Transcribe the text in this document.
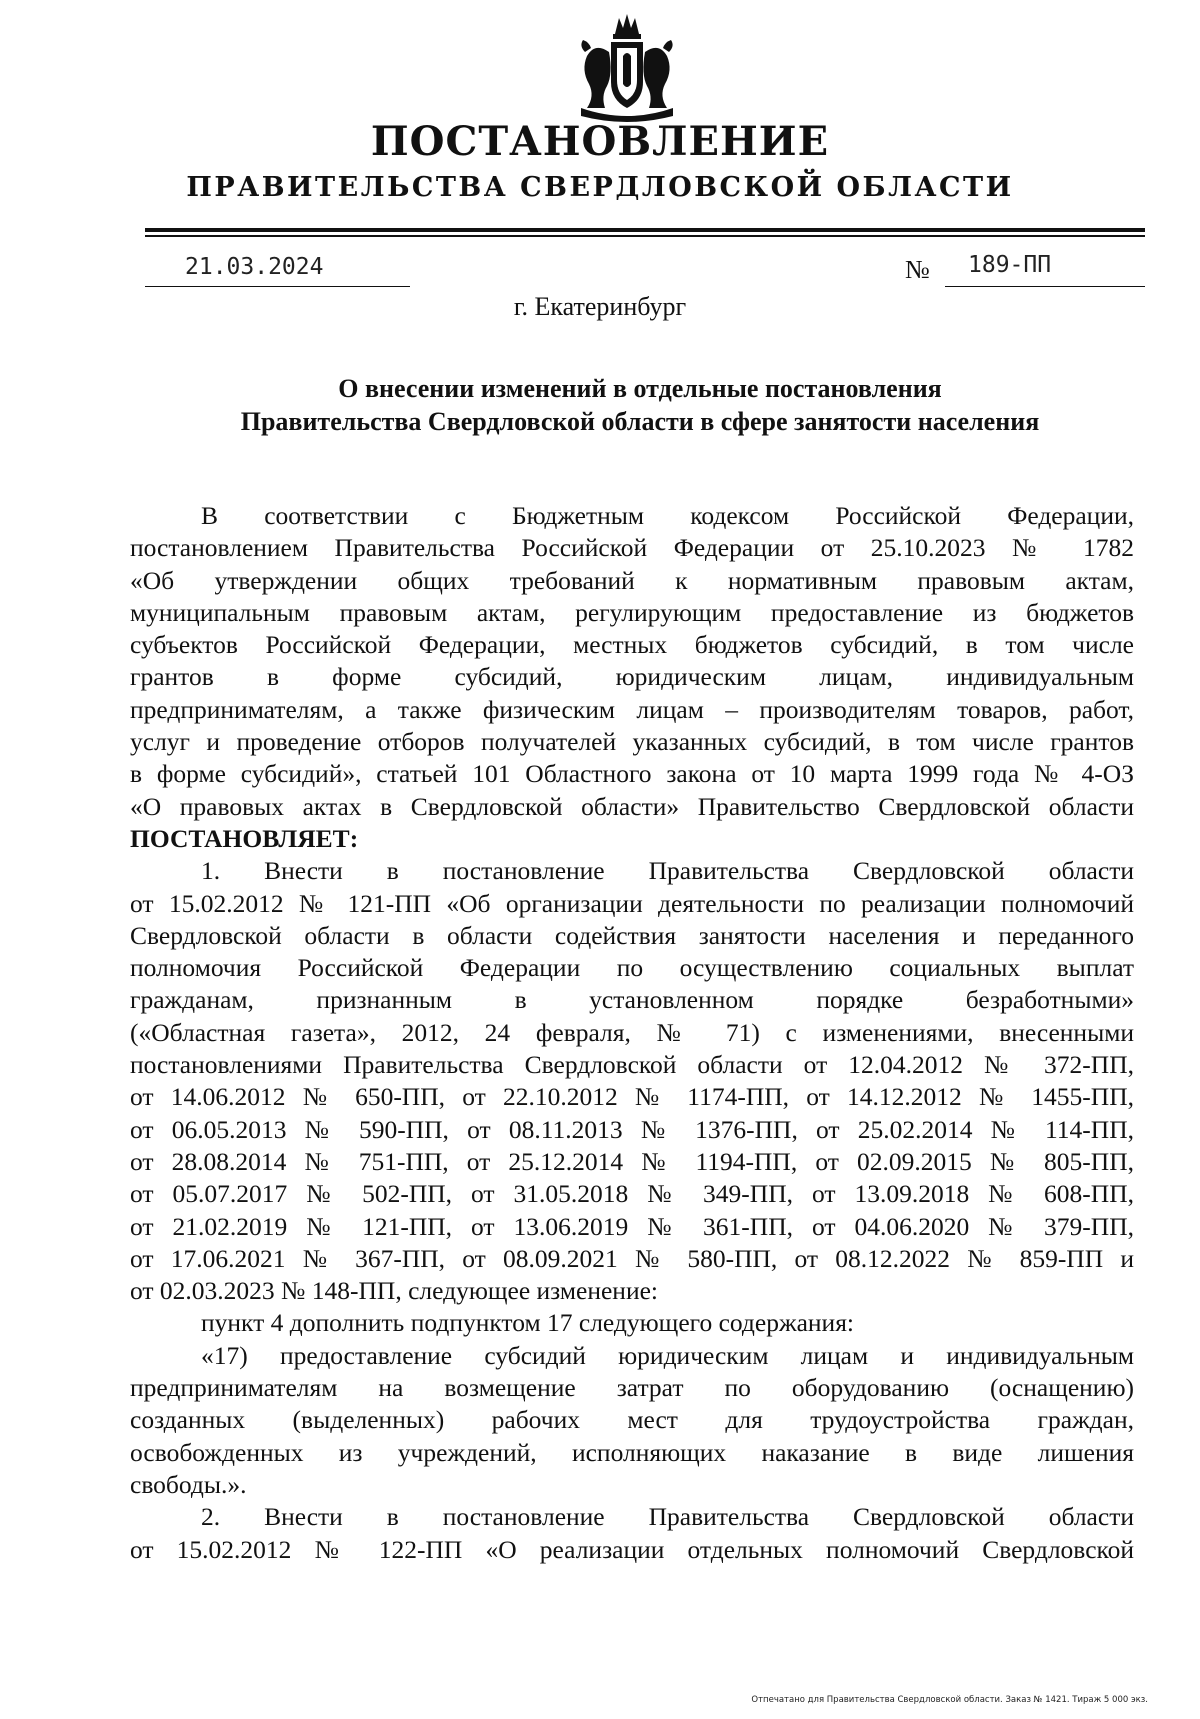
ПОСТАНОВЛЕНИЕ
ПРАВИТЕЛЬСТВА СВЕРДЛОВСКОЙ ОБЛАСТИ
21.03.2024	№ 189-ПП
г. Екатеринбург
О внесении изменений в отдельные постановления
Правительства Свердловской области в сфере занятости населения

В соответствии с Бюджетным кодексом Российской Федерации,

постановлением Правительства Российской Федерации от 25.10.2023 № 1782

«Об утверждении общих требований к нормативным правовым актам,

муниципальным правовым актам, регулирующим предоставление из бюджетов

субъектов Российской Федерации, местных бюджетов субсидий, в том числе

грантов в форме субсидий, юридическим лицам, индивидуальным

предпринимателям, а также физическим лицам – производителям товаров, работ,

услуг и проведение отборов получателей указанных субсидий, в том числе грантов

в форме субсидий», статьей 101 Областного закона от 10 марта 1999 года № 4-ОЗ

«О правовых актах в Свердловской области» Правительство Свердловской области

ПОСТАНОВЛЯЕТ:

1. Внести в постановление Правительства Свердловской области

от 15.02.2012 № 121-ПП «Об организации деятельности по реализации полномочий

Свердловской области в области содействия занятости населения и переданного

полномочия Российской Федерации по осуществлению социальных выплат

гражданам, признанным в установленном порядке безработными»

(«Областная газета», 2012, 24 февраля, № 71) с изменениями, внесенными

постановлениями Правительства Свердловской области от 12.04.2012 № 372-ПП,

от 14.06.2012 № 650-ПП, от 22.10.2012 № 1174-ПП, от 14.12.2012 № 1455-ПП,

от 06.05.2013 № 590-ПП, от 08.11.2013 № 1376-ПП, от 25.02.2014 № 114-ПП,

от 28.08.2014 № 751-ПП, от 25.12.2014 № 1194-ПП, от 02.09.2015 № 805-ПП,

от 05.07.2017 № 502-ПП, от 31.05.2018 № 349-ПП, от 13.09.2018 № 608-ПП,

от 21.02.2019 № 121-ПП, от 13.06.2019 № 361-ПП, от 04.06.2020 № 379-ПП,

от 17.06.2021 № 367-ПП, от 08.09.2021 № 580-ПП, от 08.12.2022 № 859-ПП и

от 02.03.2023 № 148-ПП, следующее изменение:

пункт 4 дополнить подпунктом 17 следующего содержания:

«17) предоставление субсидий юридическим лицам и индивидуальным

предпринимателям на возмещение затрат по оборудованию (оснащению)

созданных (выделенных) рабочих мест для трудоустройства граждан,

освобожденных из учреждений, исполняющих наказание в виде лишения

свободы.».

2. Внести в постановление Правительства Свердловской области

от 15.02.2012 № 122-ПП «О реализации отдельных полномочий Свердловской

Отпечатано для Правительства Свердловской области. Заказ № 1421. Тираж 5 000 экз.
